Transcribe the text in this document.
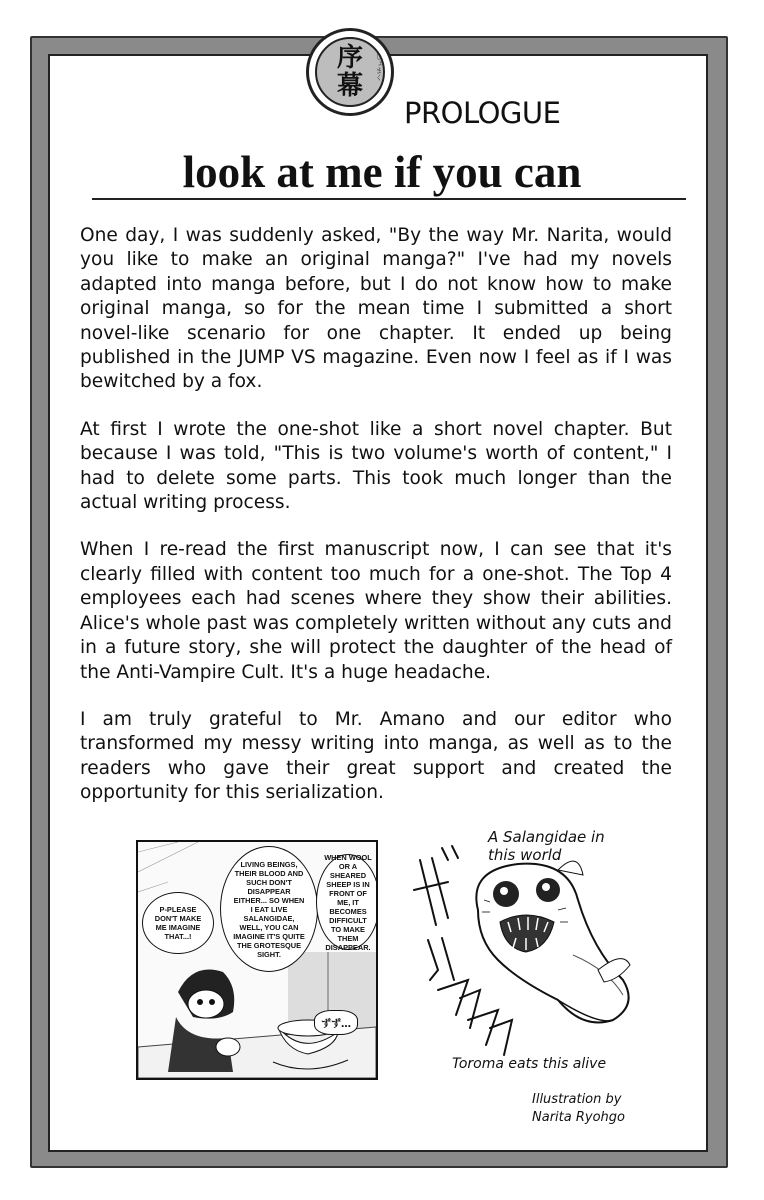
序
幕
じょまく
PROLOGUE
look at me if you can

One day, I was suddenly asked, "By the way Mr. Narita, would you like to make an original manga?" I've had my novels adapted into manga before, but I do not know how to make original manga, so for the mean time I submitted a short novel-like scenario for one chapter. It ended up being published in the JUMP VS magazine. Even now I feel as if I was bewitched by a fox.

At first I wrote the one-shot like a short novel chapter. But because I was told, "This is two volume's worth of content," I had to delete some parts. This took much longer than the actual writing process.

When I re-read the first manuscript now, I can see that it's clearly filled with content too much for a one-shot. The Top 4 employees each had scenes where they show their abilities. Alice's whole past was completely written without any cuts and in a future story, she will protect the daughter of the head of the Anti-Vampire Cult. It's a huge headache.

I am truly grateful to Mr. Amano and our editor who transformed my messy writing into manga, as well as to the readers who gave their great support and created the opportunity for this serialization.

P-PLEASE DON'T MAKE ME IMAGINE THAT...!
LIVING BEINGS, THEIR BLOOD AND SUCH DON'T DISAPPEAR EITHER... SO WHEN I EAT LIVE SALANGIDAE, WELL, YOU CAN IMAGINE IT'S QUITE THE GROTESQUE SIGHT.
WHEN WOOL OR A SHEARED SHEEP IS IN FRONT OF ME, IT BECOMES DIFFICULT TO MAKE THEM DISAPPEAR.
ずず…
A Salangidae in this world
Toroma eats this alive
Illustration by
Narita Ryohgo
